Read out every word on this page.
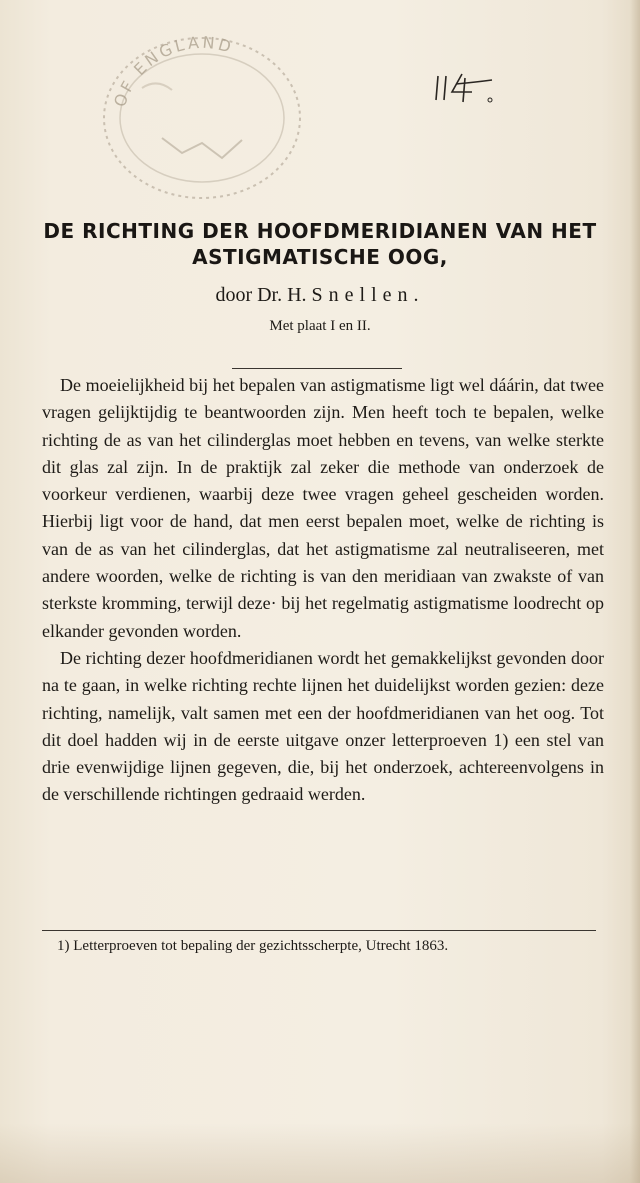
OF ENGLAND
DE RICHTING DER HOOFDMERIDIANEN VAN HET
ASTIGMATISCHE OOG,
door Dr. H. Snellen.
Met plaat I en II.

De moeielijkheid bij het bepalen van astigmatisme ligt wel dáárin, dat twee vragen gelijktijdig te beantwoorden zijn. Men heeft toch te bepalen, welke richting de as van het cilinderglas moet hebben en tevens, van welke sterkte dit glas zal zijn. In de praktijk zal zeker die methode van onderzoek de voorkeur verdienen, waarbij deze twee vragen geheel gescheiden worden. Hierbij ligt voor de hand, dat men eerst bepalen moet, welke de richting is van de as van het cilinderglas, dat het astigmatisme zal neutraliseeren, met andere woorden, welke de richting is van den meridiaan van zwakste of van sterkste kromming, terwijl deze· bij het regelmatig astigmatisme loodrecht op elkander gevonden worden.

De richting dezer hoofdmeridianen wordt het gemakkelijkst gevonden door na te gaan, in welke richting rechte lijnen het duidelijkst worden gezien: deze richting, namelijk, valt samen met een der hoofdmeridianen van het oog. Tot dit doel hadden wij in de eerste uitgave onzer letterproeven 1) een stel van drie evenwijdige lijnen gegeven, die, bij het onderzoek, achtereenvolgens in de verschillende richtingen gedraaid werden.

1) Letterproeven tot bepaling der gezichtsscherpte, Utrecht 1863.
